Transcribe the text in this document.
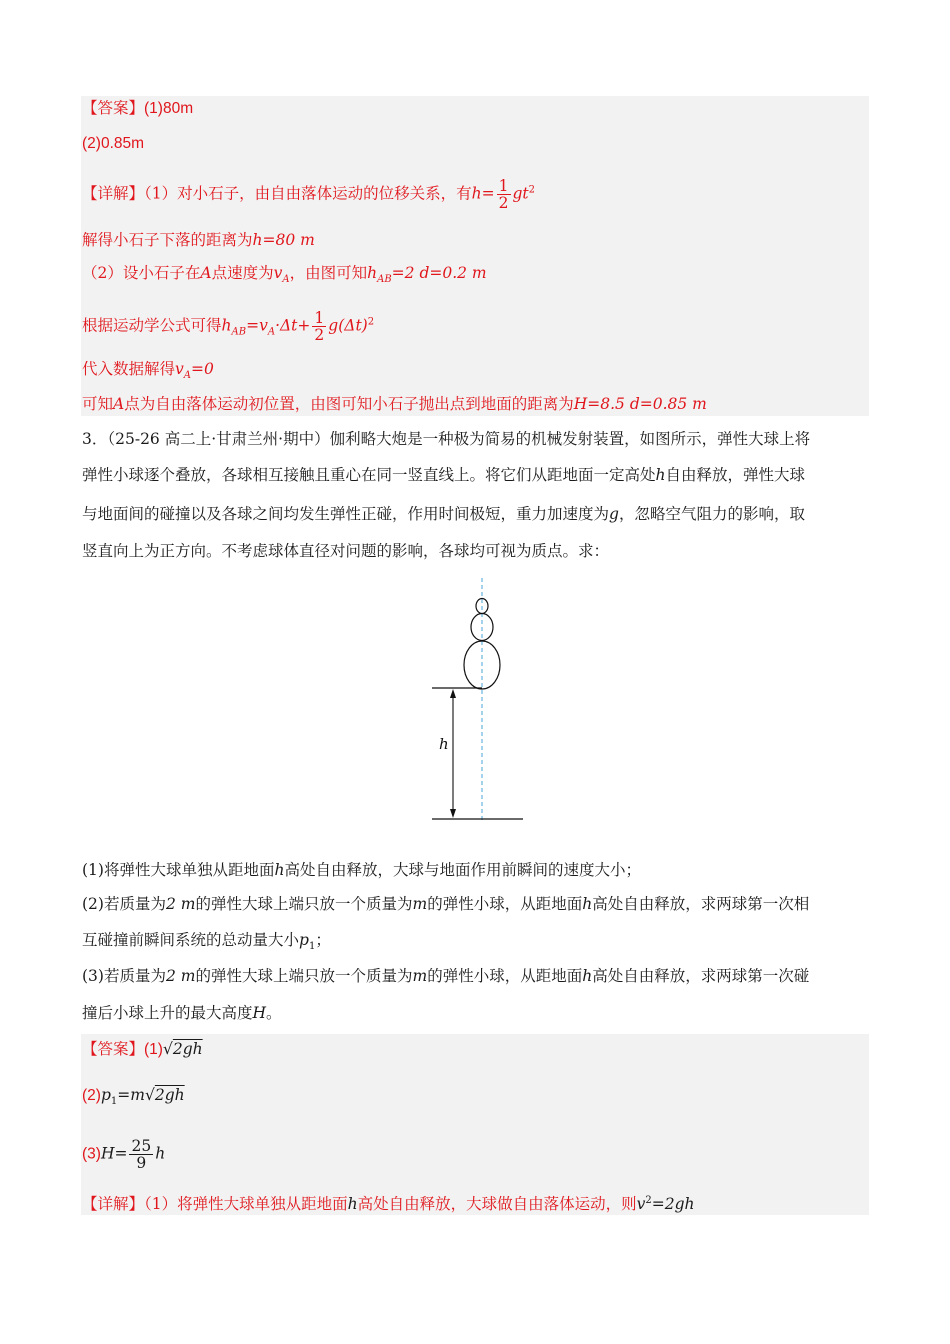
【答案】(1)80m
(2)0.85m
【详解】（1）对小石子，由自由落体运动的位移关系，有$h= \frac{1}{2} gt^2$
解得小石子下落的距离为h=80 m
（2）设小石子在A点速度为$v_A$，由图可知$h_{AB}=2$ d=0.2 m
根据运动学公式可得$h_{AB}=v_A\cdot\Delta t+ \frac{1}{2} g(\Delta t)^2$
代入数据解得$v_A=0$
可知A点为自由落体运动初位置，由图可知小石子抛出点到地面的距离为H=8.5 d=0.85 m
3．（25-26 高二上·甘肃兰州·期中）伽利略大炮是一种极为简易的机械发射装置，如图所示，弹性大球上将
弹性小球逐个叠放，各球相互接触且重心在同一竖直线上。将它们从距地面一定高处h自由释放，弹性大球
与地面间的碰撞以及各球之间均发生弹性正碰，作用时间极短，重力加速度为g，忽略空气阻力的影响，取
竖直向上为正方向。不考虑球体直径对问题的影响，各球均可视为质点。求：
h
(1)将弹性大球单独从距地面h高处自由释放，大球与地面作用前瞬间的速度大小；
(2)若质量为2 m的弹性大球上端只放一个质量为m的弹性小球，从距地面h高处自由释放，求两球第一次相
互碰撞前瞬间系统的总动量大小$p_1$；
(3)若质量为2 m的弹性大球上端只放一个质量为m的弹性小球，从距地面h高处自由释放，求两球第一次碰
撞后小球上升的最大高度H。
【答案】(1)√2gh
$(2)p_1=m√2gh$
$(3)H= \frac{25}{9}$ h
【详解】（1）将弹性大球单独从距地面h高处自由释放，大球做自由落体运动，则$v^2=2gh$
